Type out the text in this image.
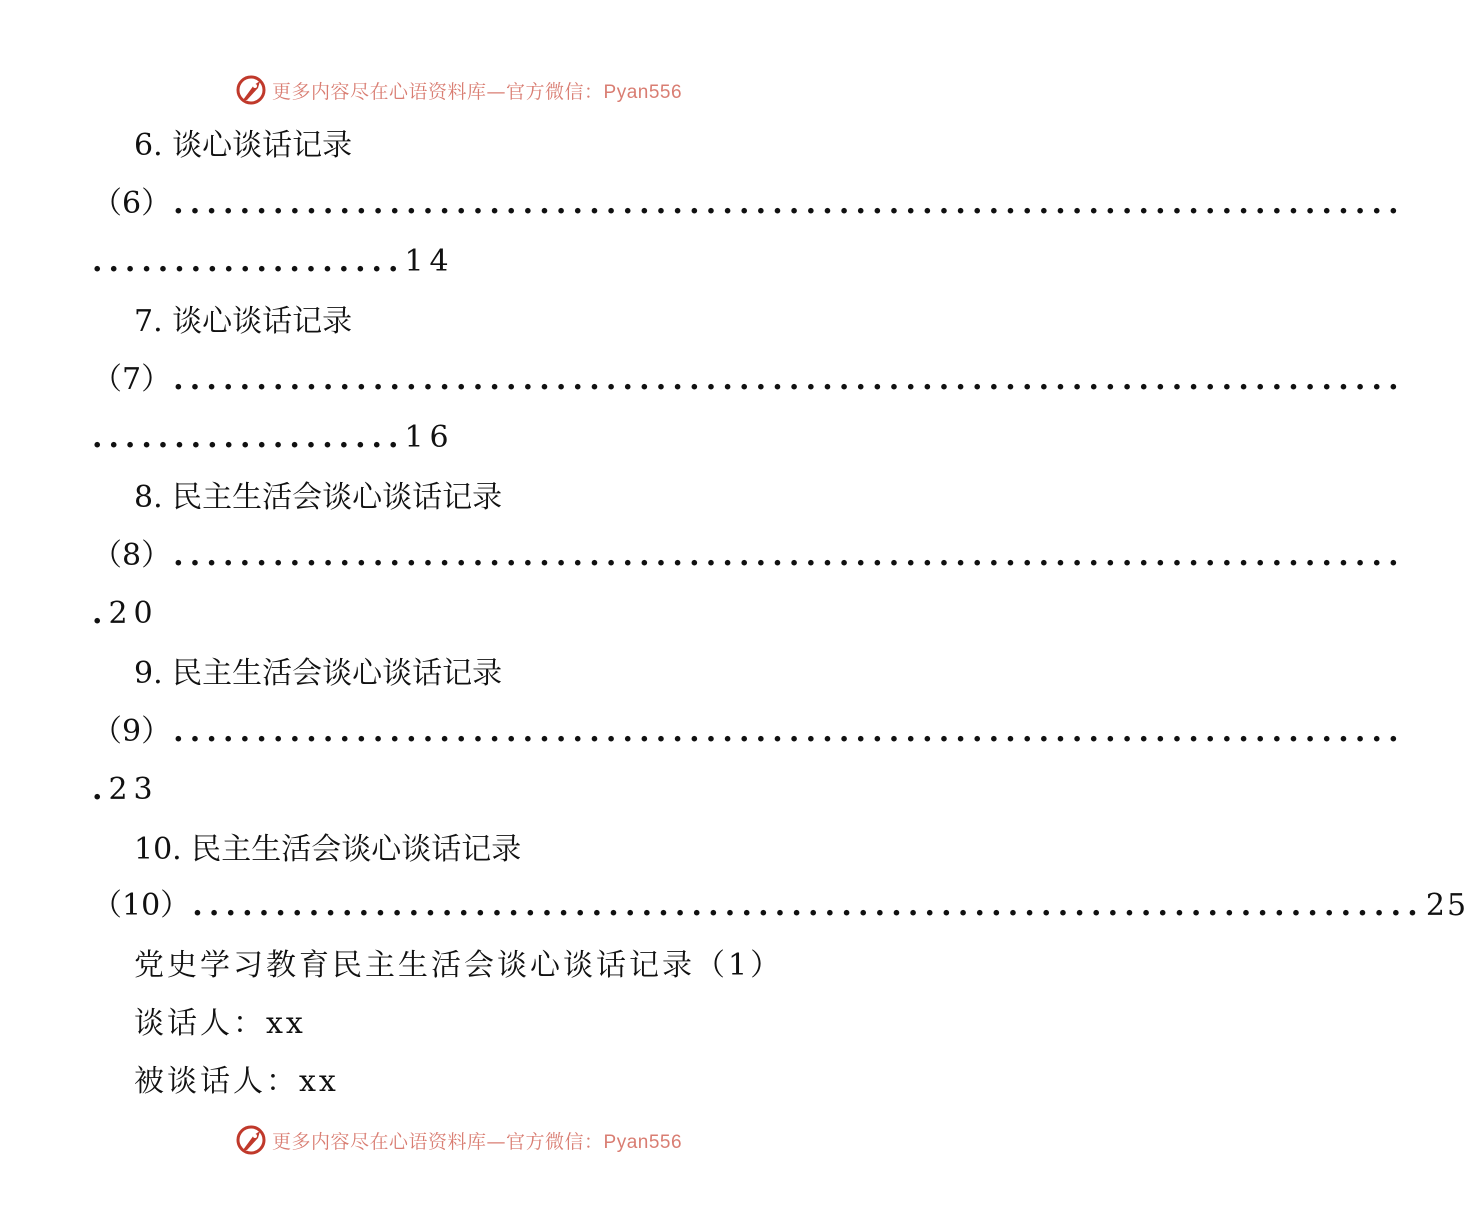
更多内容尽在心语资料库—官方微信：Pyan556
6. 谈心谈话记录
（6） ..........................................................................
...................14
7. 谈心谈话记录
（7） ..........................................................................
...................16
8. 民主生活会谈心谈话记录
（8） ..........................................................................
.20
9. 民主生活会谈心谈话记录
（9） ..........................................................................
.23
10. 民主生活会谈心谈话记录
（10） .......................................................................... 25
党史学习教育民主生活会谈心谈话记录（1）
谈话人：xx
被谈话人：xx
更多内容尽在心语资料库—官方微信：Pyan556
